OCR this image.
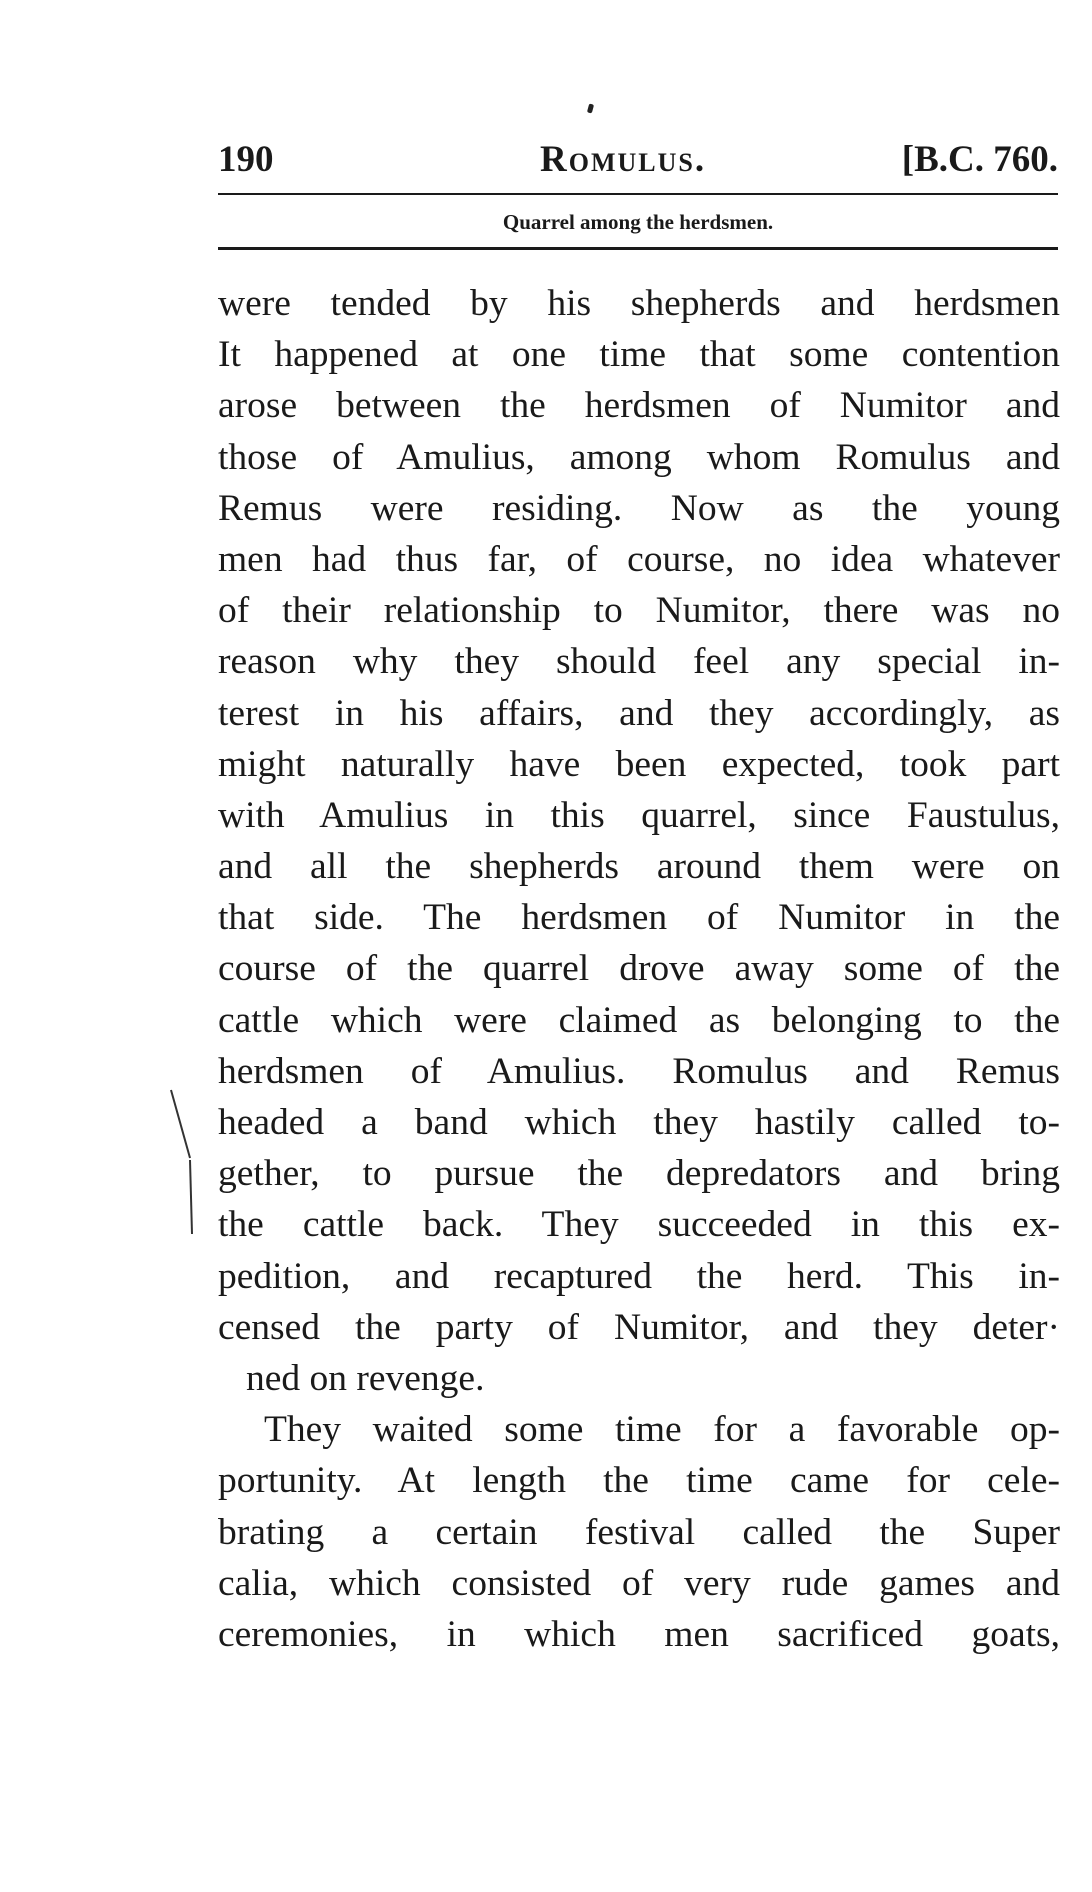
190	Romulus.	[B.C. 760.
Quarrel among the herdsmen.
were tended by his shepherds and herdsmen
It happened at one time that some contention
arose between the herdsmen of Numitor and
those of Amulius, among whom Romulus and
Remus were residing. Now as the young
men had thus far, of course, no idea whatever
of their relationship to Numitor, there was no
reason why they should feel any special in-
terest in his affairs, and they accordingly, as
might naturally have been expected, took part
with Amulius in this quarrel, since Faustulus,
and all the shepherds around them were on
that side. The herdsmen of Numitor in the
course of the quarrel drove away some of the
cattle which were claimed as belonging to the
herdsmen of Amulius. Romulus and Remus
headed a band which they hastily called to-
gether, to pursue the depredators and bring
the cattle back. They succeeded in this ex-
pedition, and recaptured the herd. This in-
censed the party of Numitor, and they deter·
ned on revenge.
They waited some time for a favorable op-
portunity. At length the time came for cele-
brating a certain festival called the Super
calia, which consisted of very rude games and
ceremonies, in which men sacrificed goats,
